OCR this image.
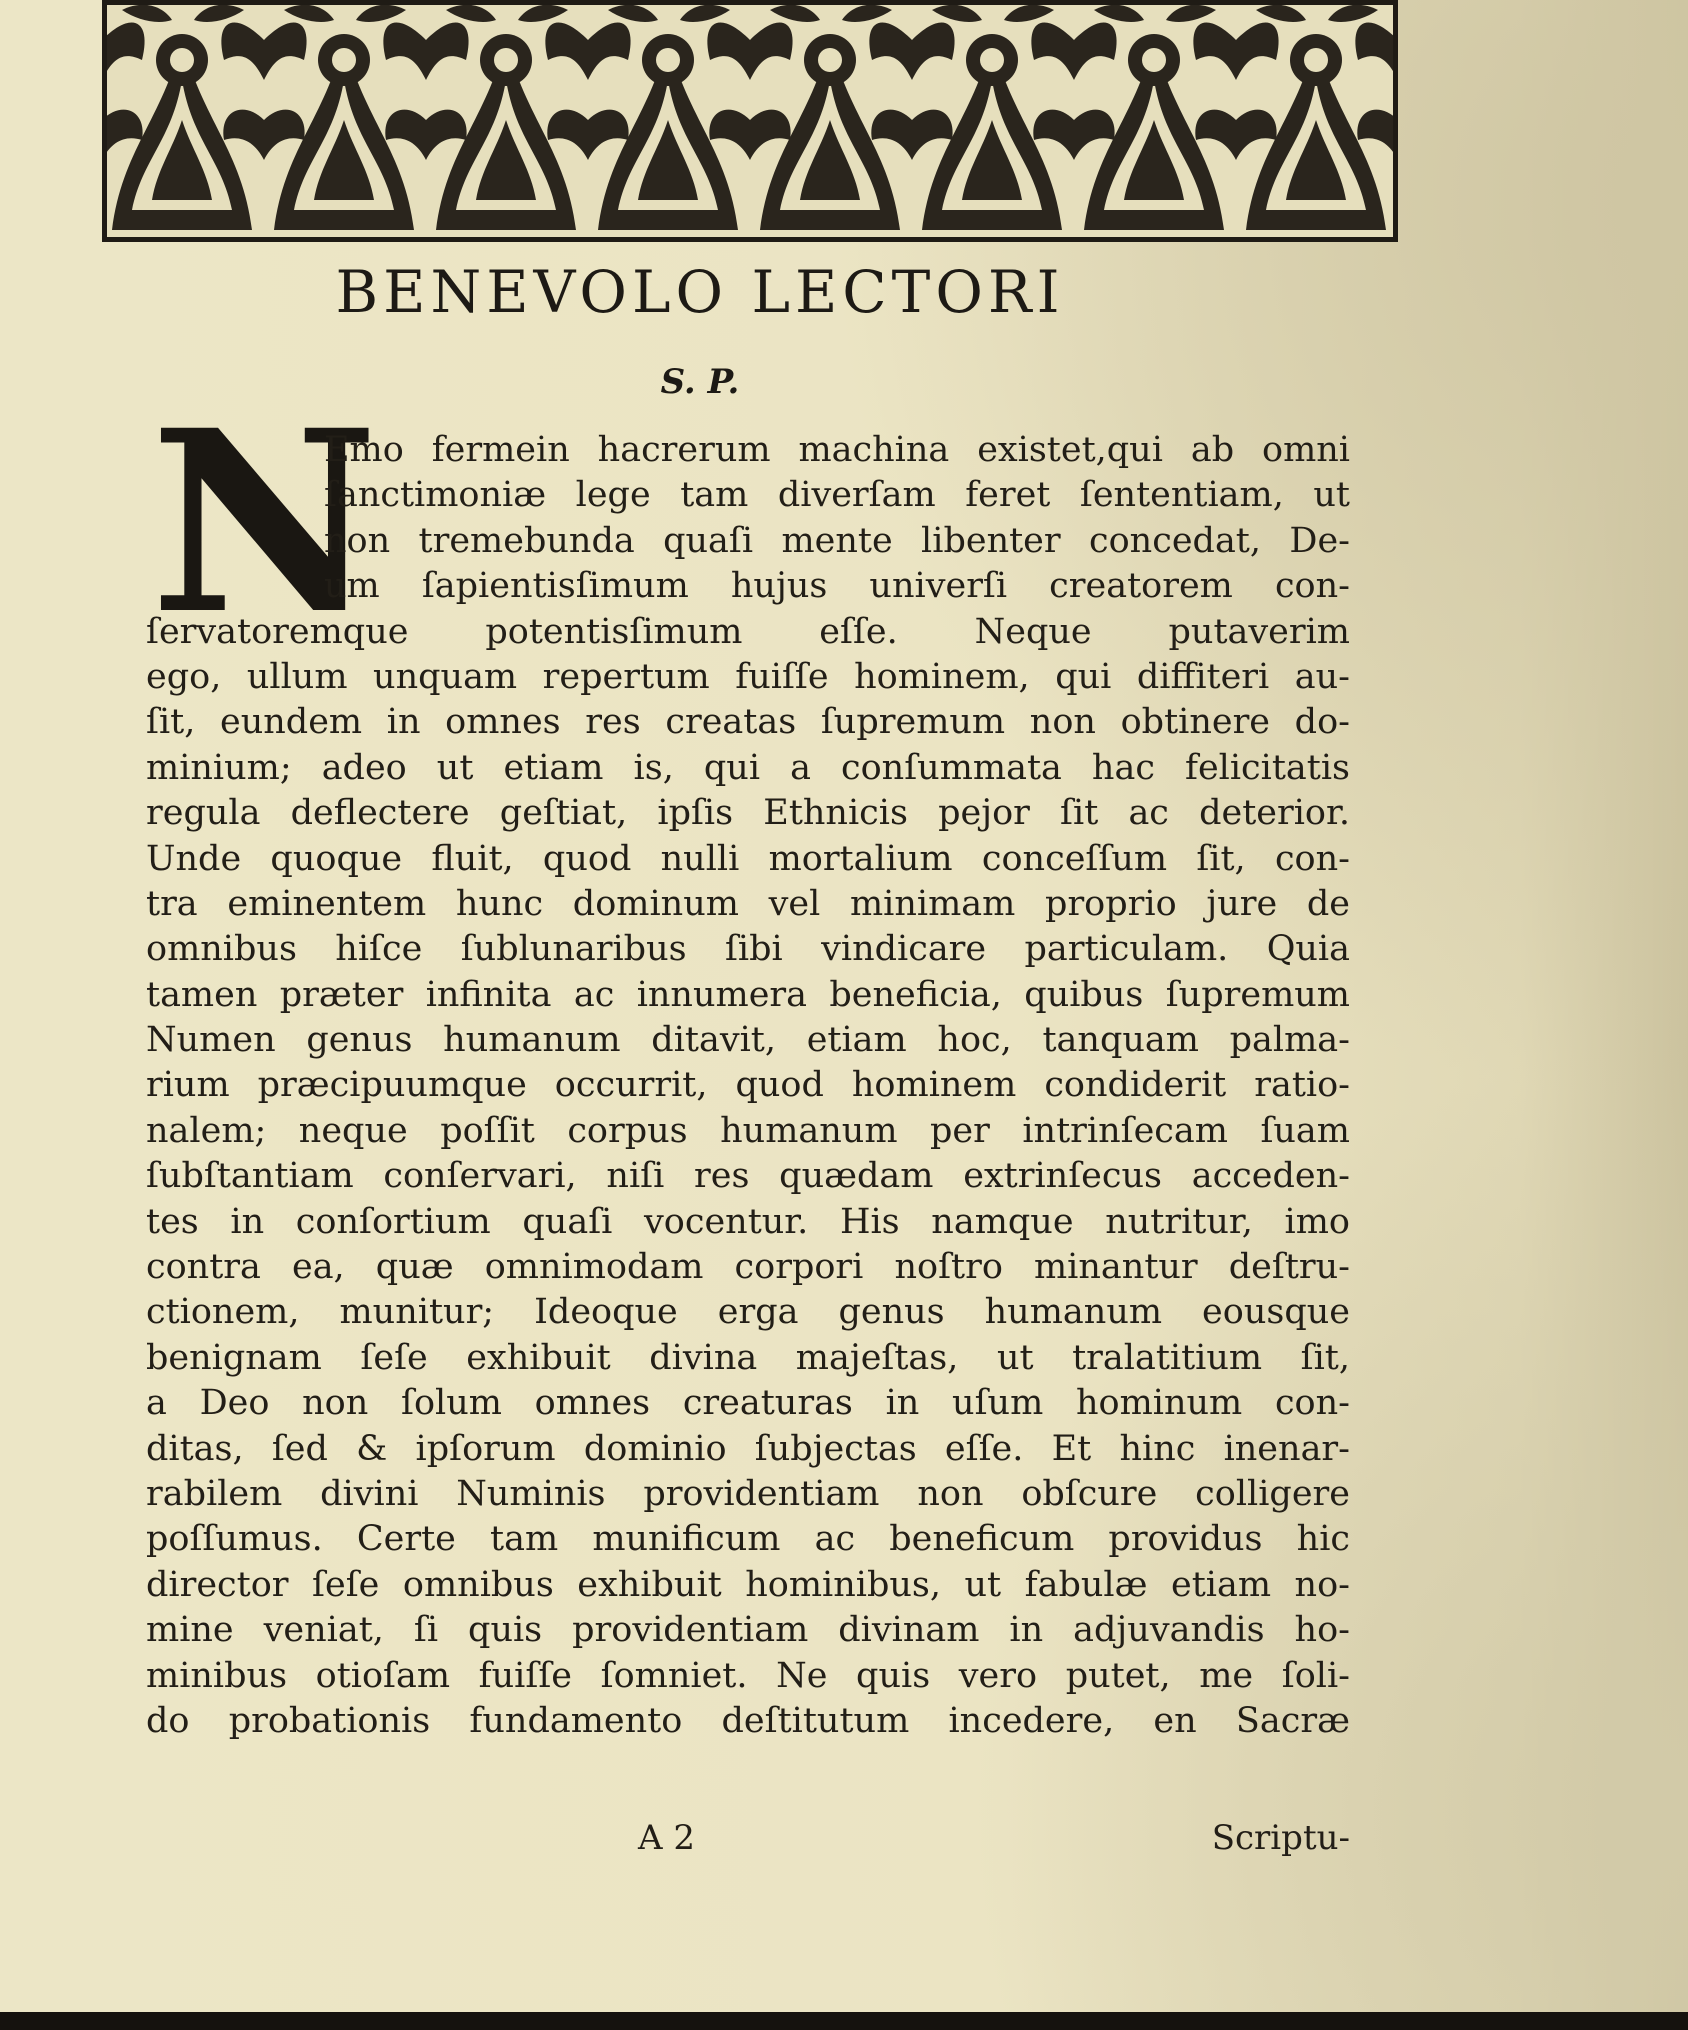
BENEVOLO LECTORI
S. P.
N
Emo fermein hacrerum machina existet,qui ab omni
ſanctimoniæ lege tam diverſam feret ſententiam, ut
non tremebunda quaſi mente libenter concedat, De-
um ſapientisſimum hujus univerſi creatorem con-
ſervatoremque potentisſimum eſſe. Neque putaverim
ego, ullum unquam repertum fuiſſe hominem, qui diffiteri au-
ſit, eundem in omnes res creatas ſupremum non obtinere do-
minium; adeo ut etiam is, qui a conſummata hac felicitatis
regula deflectere geſtiat, ipſis Ethnicis pejor ſit ac deterior.
Unde quoque fluit, quod nulli mortalium conceſſum ſit, con-
tra eminentem hunc dominum vel minimam proprio jure de
omnibus hiſce ſublunaribus ſibi vindicare particulam. Quia
tamen præter infinita ac innumera beneficia, quibus ſupremum
Numen genus humanum ditavit, etiam hoc, tanquam palma-
rium præcipuumque occurrit, quod hominem condiderit ratio-
nalem; neque poſſit corpus humanum per intrinſecam ſuam
ſubſtantiam conſervari, niſi res quædam extrinſecus acceden-
tes in conſortium quaſi vocentur. His namque nutritur, imo
contra ea, quæ omnimodam corpori noſtro minantur deſtru-
ctionem, munitur; Ideoque erga genus humanum eousque
benignam ſeſe exhibuit divina majeſtas, ut tralatitium ſit,
a Deo non ſolum omnes creaturas in uſum hominum con-
ditas, ſed & ipſorum dominio ſubjectas eſſe. Et hinc inenar-
rabilem divini Numinis providentiam non obſcure colligere
poſſumus. Certe tam munificum ac beneficum providus hic
director ſeſe omnibus exhibuit hominibus, ut fabulæ etiam no-
mine veniat, ſi quis providentiam divinam in adjuvandis ho-
minibus otioſam fuiſſe ſomniet. Ne quis vero putet, me ſoli-
do probationis fundamento deſtitutum incedere, en Sacræ
A 2	Scriptu-
